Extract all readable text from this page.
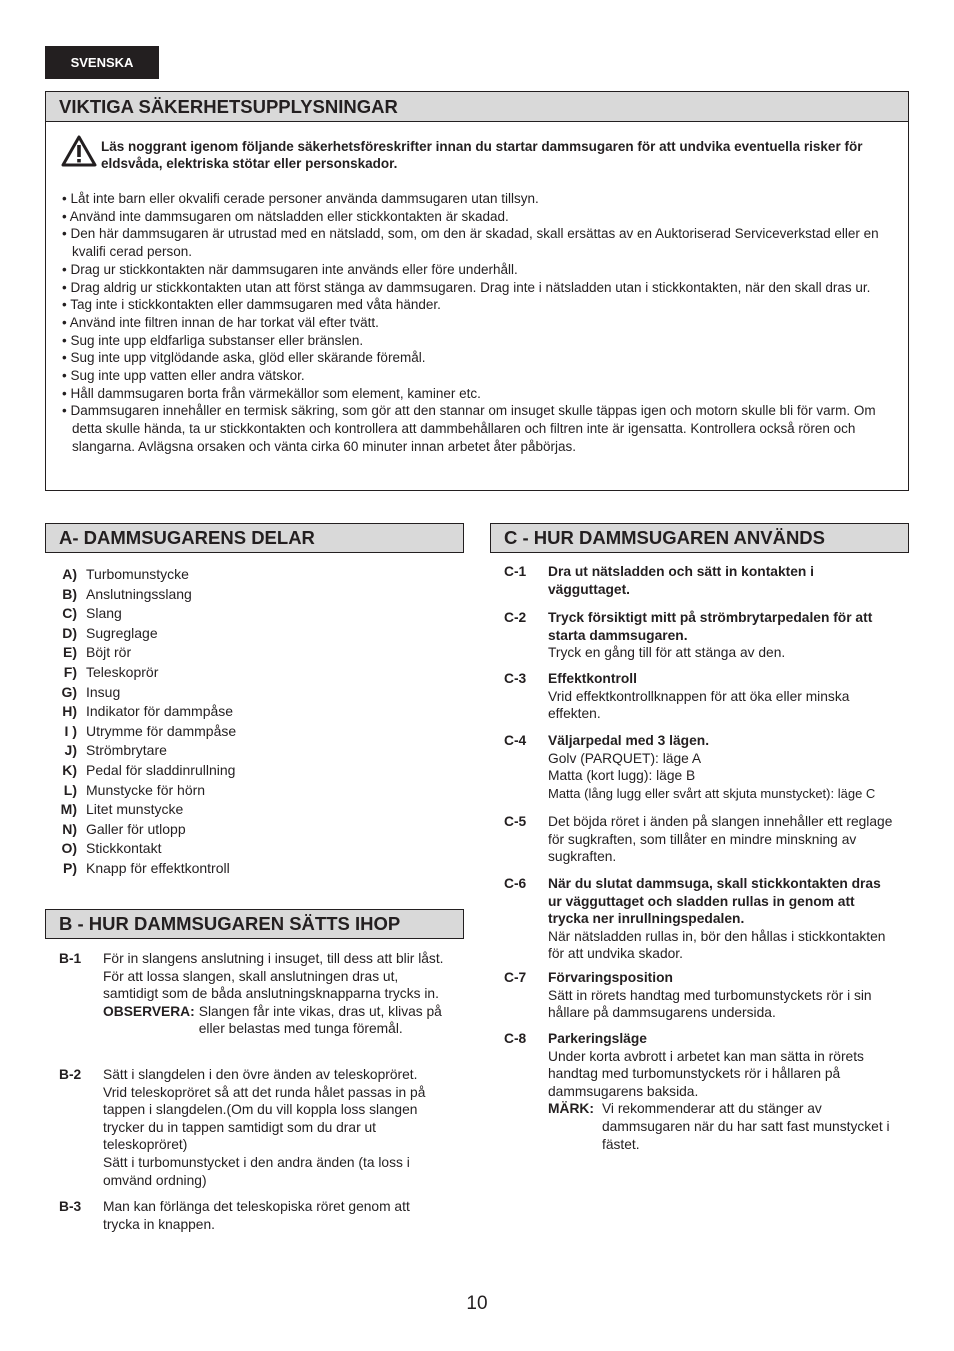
SVENSKA
VIKTIGA SÄKERHETSUPPLYSNINGAR
Läs noggrant igenom följande säkerhetsföreskrifter innan du startar dammsugaren för att undvika eventuella risker för eldsvåda, elektriska stötar eller personskador.
• Låt inte barn eller okvalifi cerade personer använda dammsugaren utan tillsyn.
• Använd inte dammsugaren om nätsladden eller stickkontakten är skadad.
• Den här dammsugaren är utrustad med en nätsladd, som, om den är skadad, skall ersättas av en Auktoriserad Serviceverkstad eller en kvalifi cerad person.
• Drag ur stickkontakten när dammsugaren inte används eller före underhåll.
• Drag aldrig ur stickkontakten utan att först stänga av dammsugaren. Drag inte i nätsladden utan i stickkontakten, när den skall dras ur.
• Tag inte i stickkontakten eller dammsugaren med våta händer.
• Använd inte filtren innan de har torkat väl efter tvätt.
• Sug inte upp eldfarliga substanser eller bränslen.
• Sug inte upp vitglödande aska, glöd eller skärande föremål.
• Sug inte upp vatten eller andra vätskor.
• Håll dammsugaren borta från värmekällor som element, kaminer etc.
• Dammsugaren innehåller en termisk säkring, som gör att den stannar om insuget skulle täppas igen och motorn skulle bli för varm. Om detta skulle hända, ta ur stickkontakten och kontrollera att dammbehållaren och filtren inte är igensatta. Kontrollera också rören och slangarna. Avlägsna orsaken och vänta cirka 60 minuter innan arbetet åter påbörjas.
A- DAMMSUGARENS DELAR
A) Turbomunstycke
B) Anslutningsslang
C) Slang
D) Sugreglage
E) Böjt rör
F) Teleskoprör
G) Insug
H) Indikator för dammpåse
I ) Utrymme för dammpåse
J) Strömbrytare
K) Pedal för sladdinrullning
L) Munstycke för hörn
M) Litet munstycke
N) Galler för utlopp
O) Stickkontakt
P) Knapp för effektkontroll
B - HUR DAMMSUGAREN SÄTTS IHOP
B-1	För in slangens anslutning i insuget, till dess att blir låst. För att lossa slangen, skall anslutningen dras ut, samtidigt som de båda anslutningsknapparna trycks in.
OBSERVERA: Slangen får inte vikas, dras ut, klivas på eller belastas med tunga föremål.
B-2	Sätt i slangdelen i den övre änden av teleskopröret. Vrid teleskopröret så att det runda hålet passas in på tappen i slangdelen.(Om du vill koppla loss slangen trycker du in tappen samtidigt som du drar ut teleskopröret)
Sätt i turbomunstycket i den andra änden (ta loss i omvänd ordning)
B-3	Man kan förlänga det teleskopiska röret genom att trycka in knappen.
C - HUR DAMMSUGAREN ANVÄNDS
C-1	Dra ut nätsladden och sätt in kontakten i vägguttaget.
C-2	Tryck försiktigt mitt på strömbrytarpedalen för att starta dammsugaren.
Tryck en gång till för att stänga av den.
C-3	Effektkontroll
Vrid effektkontrollknappen för att öka eller minska effekten.
C-4	Väljarpedal med 3 lägen.
Golv (PARQUET): läge A
Matta (kort lugg): läge B
Matta (lång lugg eller svårt att skjuta munstycket): läge C
C-5	Det böjda röret i änden på slangen innehåller ett reglage för sugkraften, som tillåter en mindre minskning av sugkraften.
C-6	När du slutat dammsuga, skall stickkontakten dras ur vägguttaget och sladden rullas in genom att trycka ner inrullningspedalen.
När nätsladden rullas in, bör den hållas i stickkontakten för att undvika skador.
C-7	Förvaringsposition
Sätt in rörets handtag med turbomunstyckets rör i sin hållare på dammsugarens undersida.
C-8	Parkeringsläge
Under korta avbrott i arbetet kan man sätta in rörets handtag med turbomunstyckets rör i hållaren på dammsugarens baksida.
MÄRK: Vi rekommenderar att du stänger av dammsugaren när du har satt fast munstycket i fästet.
10
